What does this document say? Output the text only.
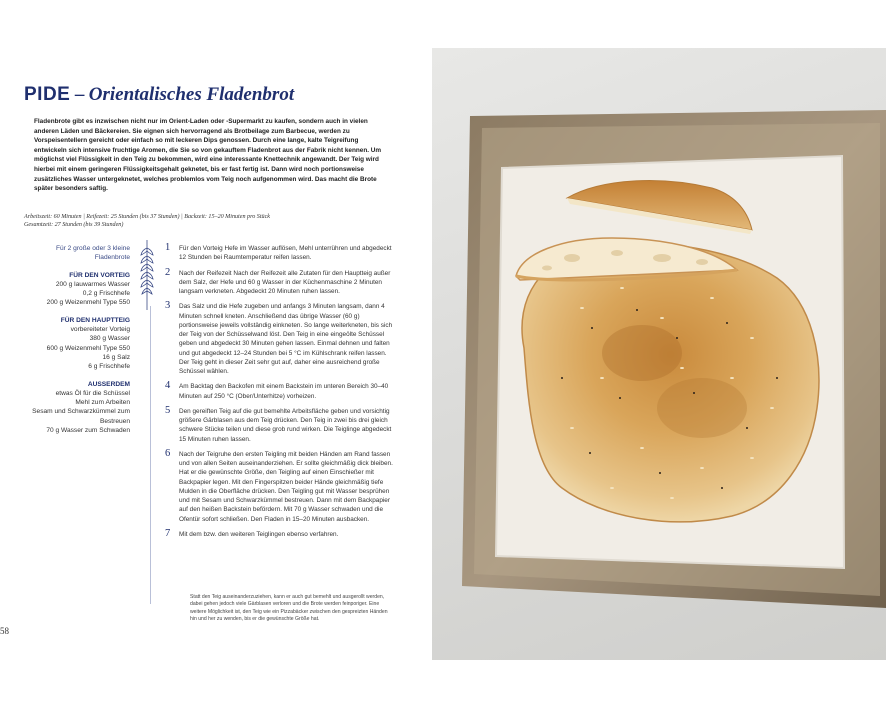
PIDE – Orientalisches Fladenbrot

Fladenbrote gibt es inzwischen nicht nur im Orient-Laden oder -Supermarkt zu kaufen, sondern auch in vielen anderen Läden und Bäckereien. Sie eignen sich hervorragend als Brotbeilage zum Barbecue, werden zu Vorspeisentellern gereicht oder einfach so mit leckeren Dips genossen. Durch eine lange, kalte Teigreifung entwickeln sich intensive fruchtige Aromen, die Sie so von gekauftem Fladenbrot aus der Fabrik nicht kennen. Um möglichst viel Flüssigkeit in den Teig zu bekommen, wird eine interessante Knettechnik angewandt. Der Teig wird hierbei mit einem geringeren Flüssigkeitsgehalt geknetet, bis er fast fertig ist. Dann wird noch portionsweise zusätzliches Wasser untergeknetet, welches problemlos vom Teig noch aufgenommen wird. Das macht die Brote später besonders saftig.

Arbeitszeit: 60 Minuten | Reifezeit: 25 Stunden (bis 37 Stunden) | Backzeit: 15–20 Minuten pro Stück
Gesamtzeit: 27 Stunden (bis 39 Stunden)
Für 2 große oder 3 kleine
Fladenbrote
FÜR DEN VORTEIG
200 g lauwarmes Wasser
0,2 g Frischhefe
200 g Weizenmehl Type 550
FÜR DEN HAUPTTEIG
vorbereiteter Vorteig
380 g Wasser
600 g Weizenmehl Type 550
16 g Salz
6 g Frischhefe
AUSSERDEM
etwas Öl für die Schüssel
Mehl zum Arbeiten
Sesam und Schwarzkümmel zum
Bestreuen
70 g Wasser zum Schwaden
1 Für den Vorteig Hefe im Wasser auflösen, Mehl unterrühren und abgedeckt 12 Stunden bei Raumtemperatur reifen lassen.
2 Nach der Reifezeit Nach der Reifezeit alle Zutaten für den Hauptteig außer dem Salz, der Hefe und 60 g Wasser in der Küchenmaschine 2 Minuten langsam verkneten. Abgedeckt 20 Minuten ruhen lassen.
3 Das Salz und die Hefe zugeben und anfangs 3 Minuten langsam, dann 4 Minuten schnell kneten. Anschließend das übrige Wasser (60 g) portionsweise jeweils vollständig einkneten. So lange weiterkneten, bis sich der Teig von der Schüsselwand löst. Den Teig in eine eingeölte Schüssel geben und abgedeckt 30 Minuten gehen lassen. Einmal dehnen und falten und gut abgedeckt 12–24 Stunden bei 5 °C im Kühlschrank reifen lassen. Der Teig geht in dieser Zeit sehr gut auf, daher eine ausreichend große Schüssel wählen.
4 Am Backtag den Backofen mit einem Backstein im unteren Bereich 30–40 Minuten auf 250 °C (Ober/Unterhitze) vorheizen.
5 Den gereiften Teig auf die gut bemehlte Arbeitsfläche geben und vorsichtig größere Gärblasen aus dem Teig drücken. Den Teig in zwei bis drei gleich schwere Stücke teilen und diese grob rund wirken. Die Teiglinge abgedeckt 15 Minuten ruhen lassen.
6 Nach der Teigruhe den ersten Teigling mit beiden Händen am Rand fassen und von allen Seiten auseinanderziehen. Er sollte gleichmäßig dick bleiben. Hat er die gewünschte Größe, den Teigling auf einen Einschießer mit Backpapier legen. Mit den Fingerspitzen beider Hände gleichmäßig tiefe Mulden in die Oberfläche drücken. Den Teigling gut mit Wasser besprühen und mit Sesam und Schwarzkümmel bestreuen. Dann mit dem Backpapier auf den heißen Backstein befördern. Mit 70 g Wasser schwaden und die Ofentür sofort schließen. Den Fladen in 15–20 Minuten ausbacken.
7 Mit dem bzw. den weiteren Teiglingen ebenso verfahren.

Statt den Teig auseinanderzuziehen, kann er auch gut bemehlt und ausgerollt werden, dabei gehen jedoch viele Gärblasen verloren und die Brote werden feinporiger. Eine weitere Möglichkeit ist, den Teig wie ein Pizzabäcker zwischen den gespreizten Händen hin und her zu wenden, bis er die gewünschte Größe hat.

58
